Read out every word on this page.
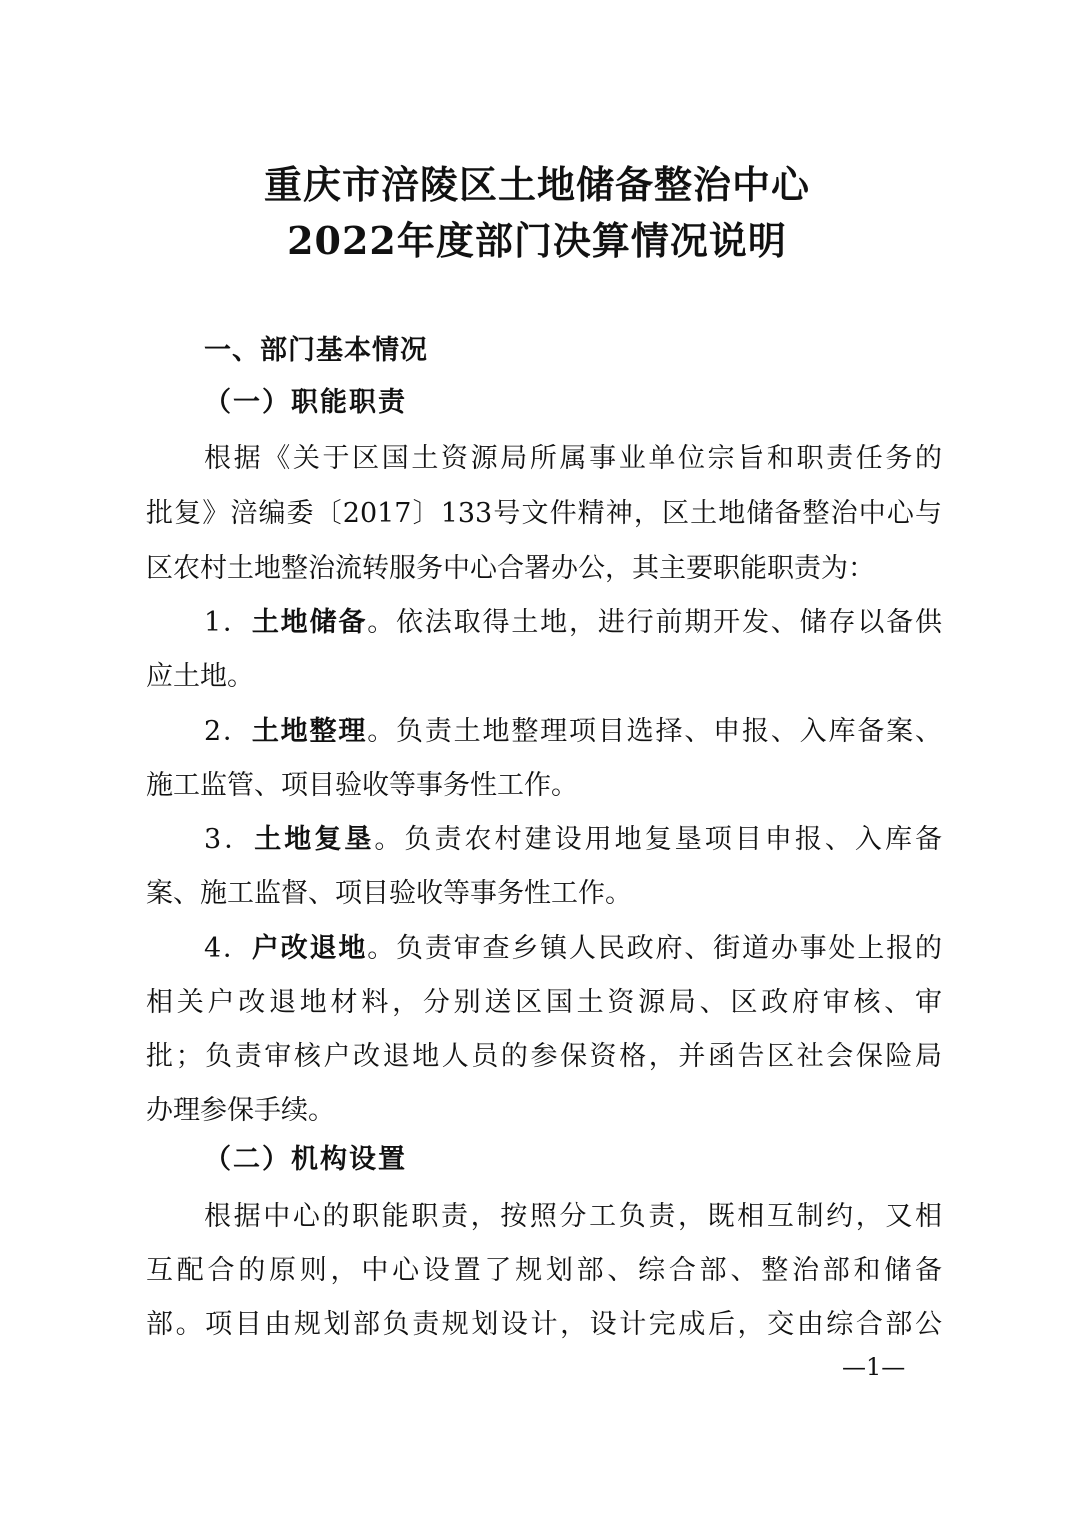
重庆市涪陵区土地储备整治中心
2022年度部门决算情况说明
一、部门基本情况
（一）职能职责
根据《关于区国土资源局所属事业单位宗旨和职责任务的
批复》涪编委〔2017〕133号文件精神，区土地储备整治中心与
区农村土地整治流转服务中心合署办公，其主要职能职责为：
1．土地储备。依法取得土地，进行前期开发、储存以备供
应土地。
2．土地整理。负责土地整理项目选择、申报、入库备案、
施工监管、项目验收等事务性工作。
3．土地复垦。负责农村建设用地复垦项目申报、入库备
案、施工监督、项目验收等事务性工作。
4．户改退地。负责审查乡镇人民政府、街道办事处上报的
相关户改退地材料，分别送区国土资源局、区政府审核、审
批；负责审核户改退地人员的参保资格，并函告区社会保险局
办理参保手续。
（二）机构设置
根据中心的职能职责，按照分工负责，既相互制约，又相
互配合的原则，中心设置了规划部、综合部、整治部和储备
部。项目由规划部负责规划设计，设计完成后，交由综合部公
—1—
